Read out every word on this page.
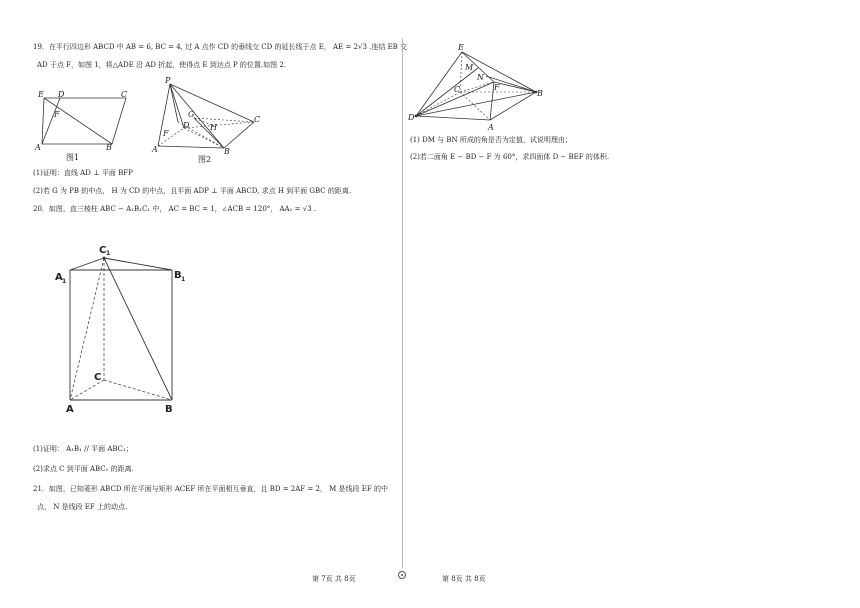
19．在平行四边形 ABCD 中 AB = 6, BC = 4, 过 A 点作 CD 的垂线交 CD 的延长线于点 E， AE = 2√3 .连结 EB 交
AD 于点 F，如图 1，将△ADE 沿 AD 折起，使得点 E 到达点 P 的位置.如图 2.
E D	C
F
A	B
图1
P
G
D	H
C
F
A	B
图2
(1)证明：直线 AD ⊥ 平面 BFP
(2)若 G 为 PB 的中点， H 为 CD 的中点，且平面 ADP ⊥ 平面 ABCD, 求点 H 到平面 GBC 的距离.
20．如图，直三棱柱 ABC − A₁B₁C₁ 中， AC = BC = 1，∠ACB = 120°， AA₁ = √3 .
C 1
A 1
B 1
C
A	B
(1)证明： A₁B₁ // 平面 ABC₁；
(2)求点 C 到平面 ABC₁ 的距离.
21．如图，已知菱形 ABCD 所在平面与矩形 ACEF 所在平面相互垂直，且 BD = 2AF = 2， M 是线段 EF 的中
点， N 是线段 EF 上的动点.
E
M
N
F
C
D
B
A
(1) DM 与 BN 所成的角是否为定值，试说明理由；
(2)若二面角 E − BD − F 为 60°，求四面体 D − BEF 的体积.
第 7页 共 8页	第 8页 共 8页
